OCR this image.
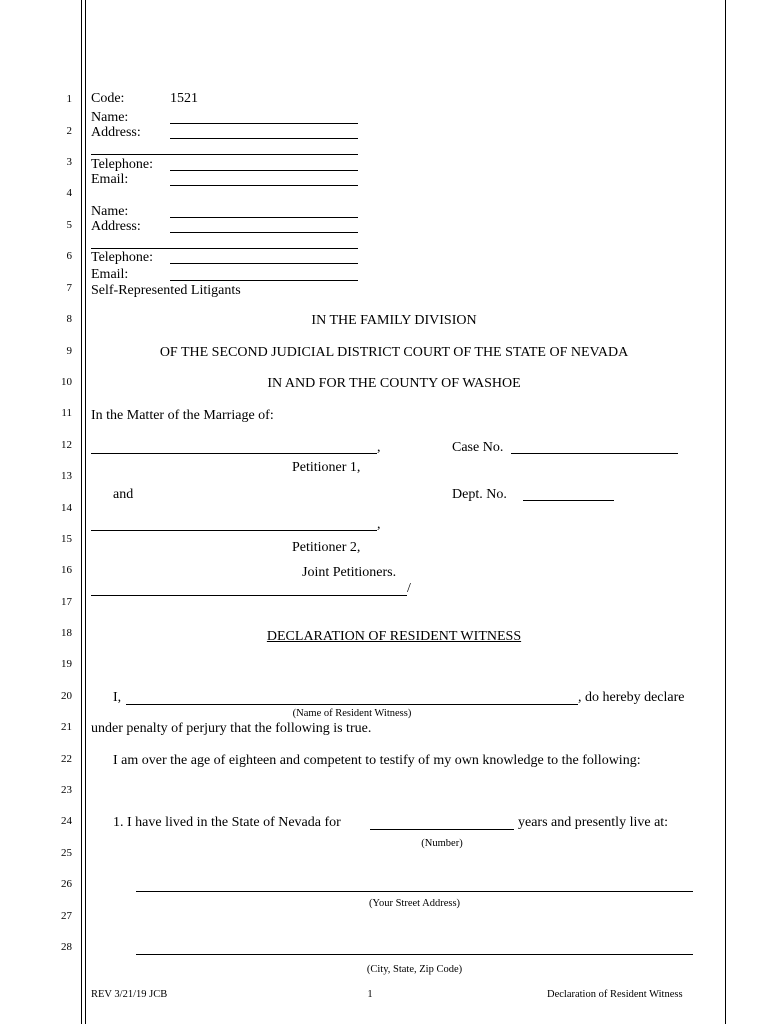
1
2
3
4
5
6
7
8
9
10
11
12
13
14
15
16
17
18
19
20
21
22
23
24
25
26
27
28
Code:	1521
Name:
Address:
Telephone:
Email:
Name:
Address:
Telephone:
Email:
Self-Represented Litigants
IN THE FAMILY DIVISION
OF THE SECOND JUDICIAL DISTRICT COURT OF THE STATE OF NEVADA
IN AND FOR THE COUNTY OF WASHOE
In the Matter of the Marriage of:
,	Case No.
Petitioner 1,
and	Dept. No.
,
Petitioner 2,
Joint Petitioners.
/
DECLARATION OF RESIDENT WITNESS
I,	, do hereby declare
(Name of Resident Witness)
under penalty of perjury that the following is true.
I am over the age of eighteen and competent to testify of my own knowledge to the following:
1. I have lived in the State of Nevada for	years and presently live at:
(Number)
(Your Street Address)
(City, State, Zip Code)
REV 3/21/19 JCB	1	Declaration of Resident Witness
